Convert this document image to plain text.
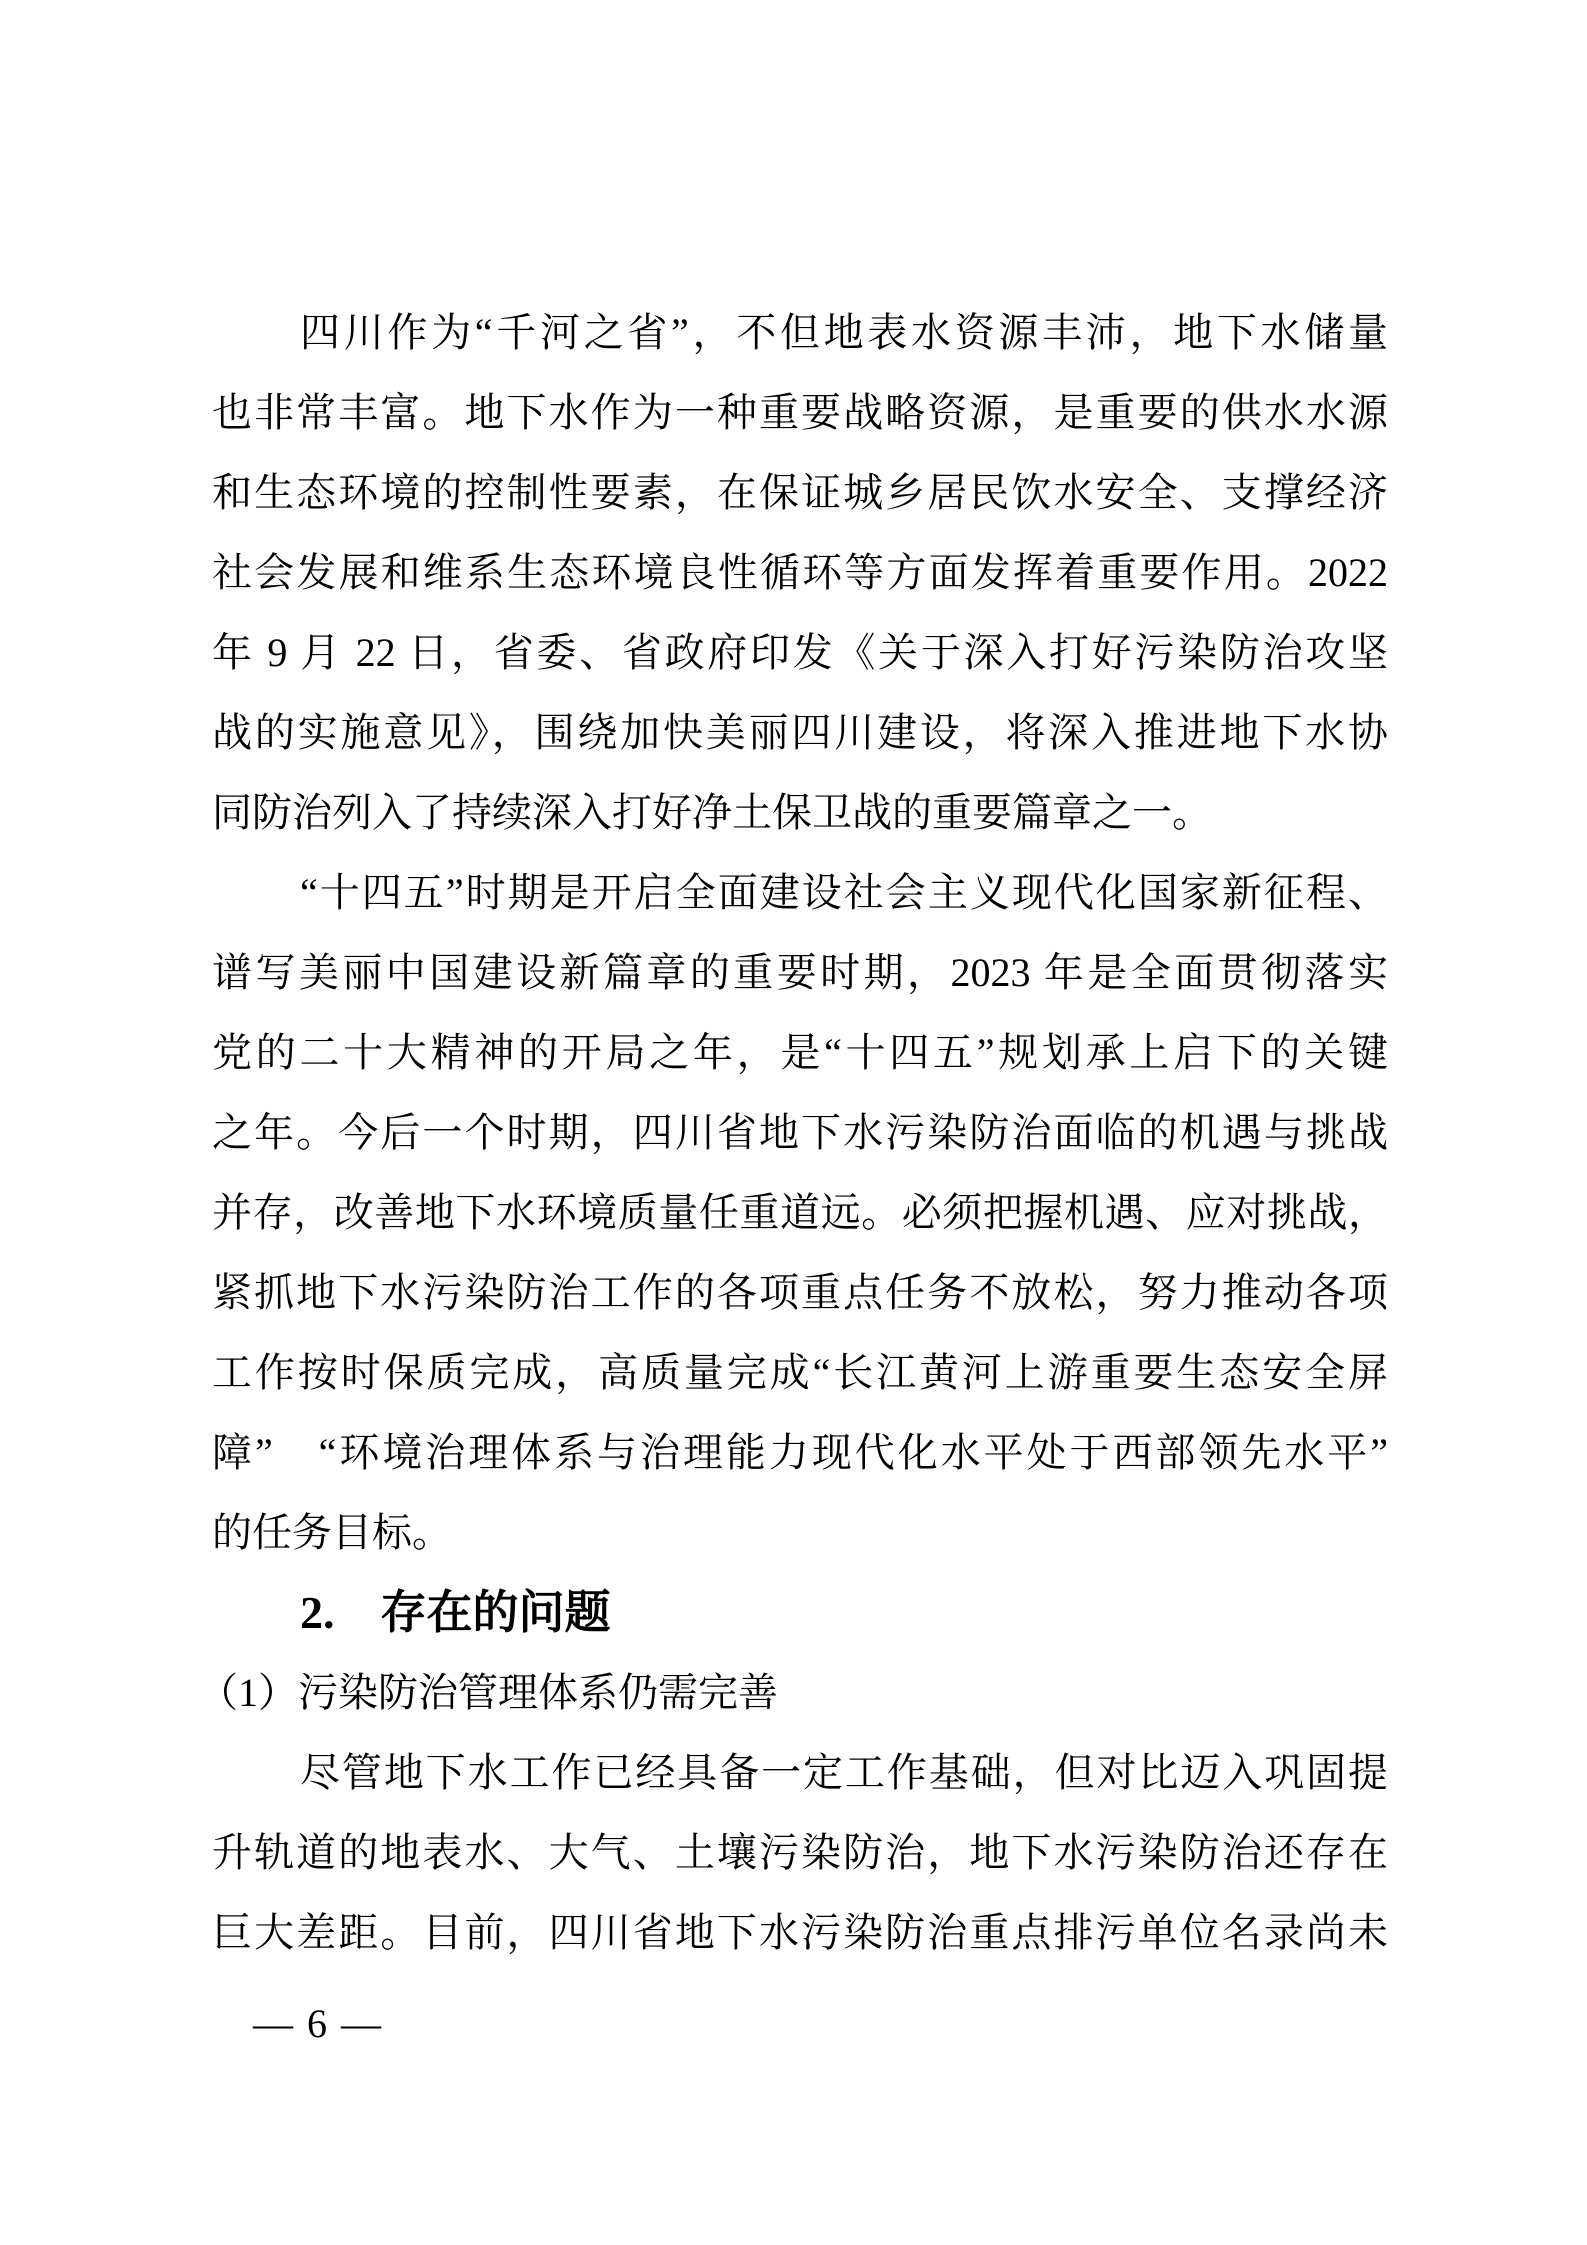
四川作为“千河之省”，不但地表水资源丰沛，地下水储量
也非常丰富。地下水作为一种重要战略资源，是重要的供水水源
和生态环境的控制性要素，在保证城乡居民饮水安全、支撑经济
社会发展和维系生态环境良性循环等方面发挥着重要作用。2022
年 9 月 22 日，省委、省政府印发《关于深入打好污染防治攻坚
战的实施意见》，围绕加快美丽四川建设，将深入推进地下水协
同防治列入了持续深入打好净土保卫战的重要篇章之一。
“十四五”时期是开启全面建设社会主义现代化国家新征程、
谱写美丽中国建设新篇章的重要时期，2023 年是全面贯彻落实
党的二十大精神的开局之年，是“十四五”规划承上启下的关键
之年。今后一个时期，四川省地下水污染防治面临的机遇与挑战
并存，改善地下水环境质量任重道远。必须把握机遇、应对挑战，
紧抓地下水污染防治工作的各项重点任务不放松，努力推动各项
工作按时保质完成，高质量完成“长江黄河上游重要生态安全屏
障”　“环境治理体系与治理能力现代化水平处于西部领先水平”
的任务目标。
2.　存在的问题
（1）污染防治管理体系仍需完善
尽管地下水工作已经具备一定工作基础，但对比迈入巩固提
升轨道的地表水、大气、土壤污染防治，地下水污染防治还存在
巨大差距。目前，四川省地下水污染防治重点排污单位名录尚未
— 6 —
